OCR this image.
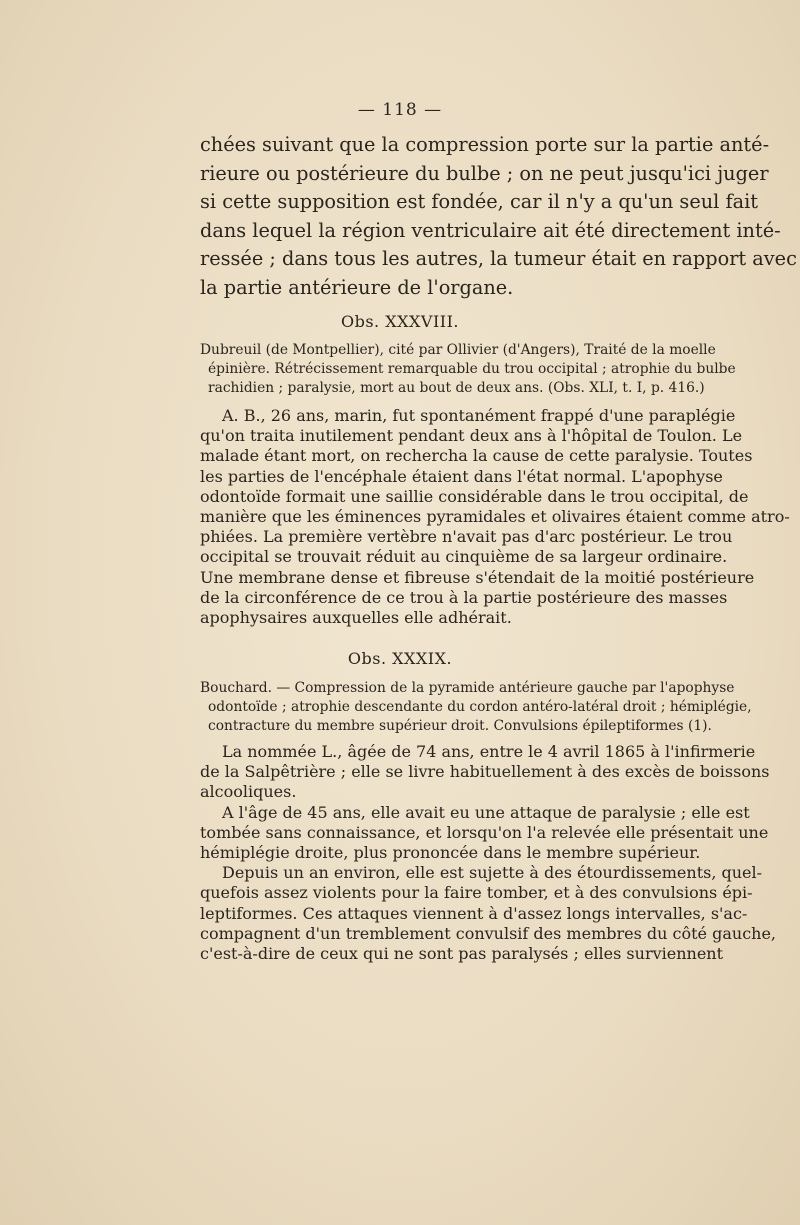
— 118 —
chées suivant que la compression porte sur la partie anté-
rieure ou postérieure du bulbe ; on ne peut jusqu'ici juger
si cette supposition est fondée, car il n'y a qu'un seul fait
dans lequel la région ventriculaire ait été directement inté-
ressée ; dans tous les autres, la tumeur était en rapport avec
la partie antérieure de l'organe.
Obs. XXXVIII.
Dubreuil (de Montpellier), cité par Ollivier (d'Angers), Traité de la moelle
épinière. Rétrécissement remarquable du trou occipital ; atrophie du bulbe
rachidien ; paralysie, mort au bout de deux ans. (Obs. XLI, t. I, p. 416.)
A. B., 26 ans, marin, fut spontanément frappé d'une paraplégie
qu'on traita inutilement pendant deux ans à l'hôpital de Toulon. Le
malade étant mort, on rechercha la cause de cette paralysie. Toutes
les parties de l'encéphale étaient dans l'état normal. L'apophyse
odontoïde formait une saillie considérable dans le trou occipital, de
manière que les éminences pyramidales et olivaires étaient comme atro-
phiées. La première vertèbre n'avait pas d'arc postérieur. Le trou
occipital se trouvait réduit au cinquième de sa largeur ordinaire.
Une membrane dense et fibreuse s'étendait de la moitié postérieure
de la circonférence de ce trou à la partie postérieure des masses
apophysaires auxquelles elle adhérait.
Obs. XXXIX.
Bouchard. — Compression de la pyramide antérieure gauche par l'apophyse
odontoïde ; atrophie descendante du cordon antéro-latéral droit ; hémiplégie,
contracture du membre supérieur droit. Convulsions épileptiformes (1).
La nommée L., âgée de 74 ans, entre le 4 avril 1865 à l'infirmerie
de la Salpêtrière ; elle se livre habituellement à des excès de boissons
alcooliques.
A l'âge de 45 ans, elle avait eu une attaque de paralysie ; elle est
tombée sans connaissance, et lorsqu'on l'a relevée elle présentait une
hémiplégie droite, plus prononcée dans le membre supérieur.
Depuis un an environ, elle est sujette à des étourdissements, quel-
quefois assez violents pour la faire tomber, et à des convulsions épi-
leptiformes. Ces attaques viennent à d'assez longs intervalles, s'ac-
compagnent d'un tremblement convulsif des membres du côté gauche,
c'est-à-dire de ceux qui ne sont pas paralysés ; elles surviennent
